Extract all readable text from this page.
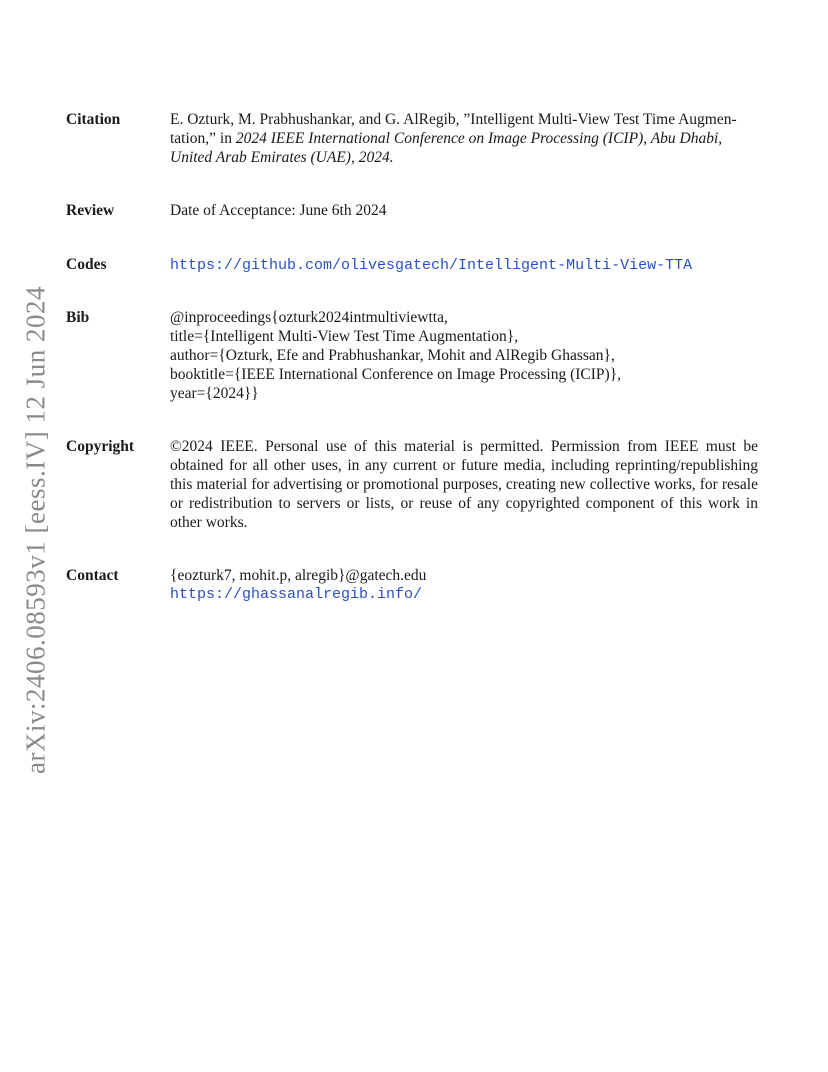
arXiv:2406.08593v1 [eess.IV] 12 Jun 2024
Citation	E. Ozturk, M. Prabhushankar, and G. AlRegib, ”Intelligent Multi-View Test Time Augmen-
tation,” in 2024 IEEE International Conference on Image Processing (ICIP), Abu Dhabi,
United Arab Emirates (UAE), 2024.
Review	Date of Acceptance: June 6th 2024
Codes	https://github.com/olivesgatech/Intelligent-Multi-View-TTA
Bib	@inproceedings{ozturk2024intmultiviewtta,
title={Intelligent Multi-View Test Time Augmentation},
author={Ozturk, Efe and Prabhushankar, Mohit and AlRegib Ghassan},
booktitle={IEEE International Conference on Image Processing (ICIP)},
year={2024}}
Copyright	©2024 IEEE. Personal use of this material is permitted. Permission from IEEE must be obtained for all other uses, in any current or future media, including reprinting/republishing this material for advertising or promotional purposes, creating new collective works, for resale or redistribution to servers or lists, or reuse of any copyrighted component of this work in other works.
Contact	{eozturk7, mohit.p, alregib}@gatech.edu
https://ghassanalregib.info/
